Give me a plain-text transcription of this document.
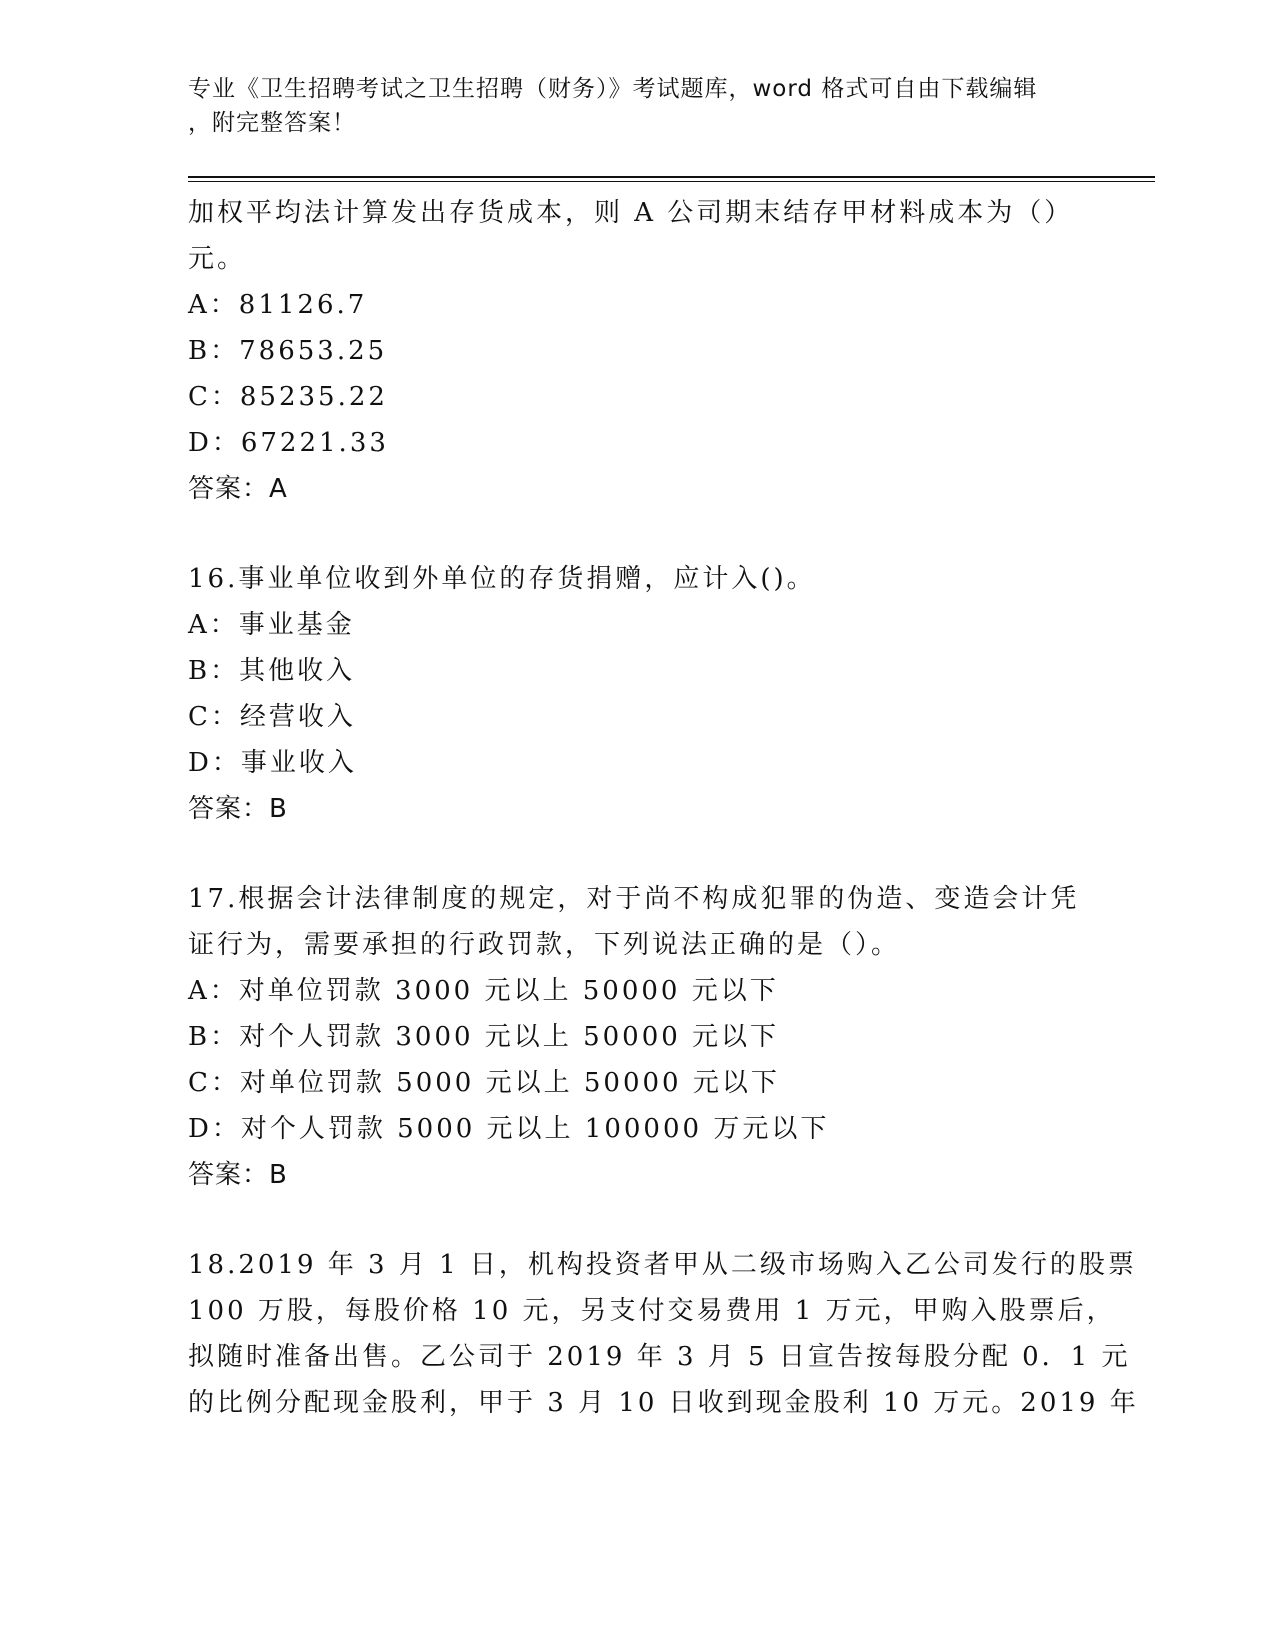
专业《卫生招聘考试之卫生招聘（财务）》考试题库，word 格式可自由下载编辑
，附完整答案！
加权平均法计算发出存货成本，则 A 公司期末结存甲材料成本为（）
元。
A：81126.7
B：78653.25
C：85235.22
D：67221.33
答案：A
16.事业单位收到外单位的存货捐赠，应计入()。
A：事业基金
B：其他收入
C：经营收入
D：事业收入
答案：B
17.根据会计法律制度的规定，对于尚不构成犯罪的伪造、变造会计凭
证行为，需要承担的行政罚款，下列说法正确的是（）。
A：对单位罚款 3000 元以上 50000 元以下
B：对个人罚款 3000 元以上 50000 元以下
C：对单位罚款 5000 元以上 50000 元以下
D：对个人罚款 5000 元以上 100000 万元以下
答案：B
18.2019 年 3 月 1 日，机构投资者甲从二级市场购入乙公司发行的股票
100 万股，每股价格 10 元，另支付交易费用 1 万元，甲购入股票后，
拟随时准备出售。乙公司于 2019 年 3 月 5 日宣告按每股分配 0．1 元
的比例分配现金股利，甲于 3 月 10 日收到现金股利 10 万元。2019 年
